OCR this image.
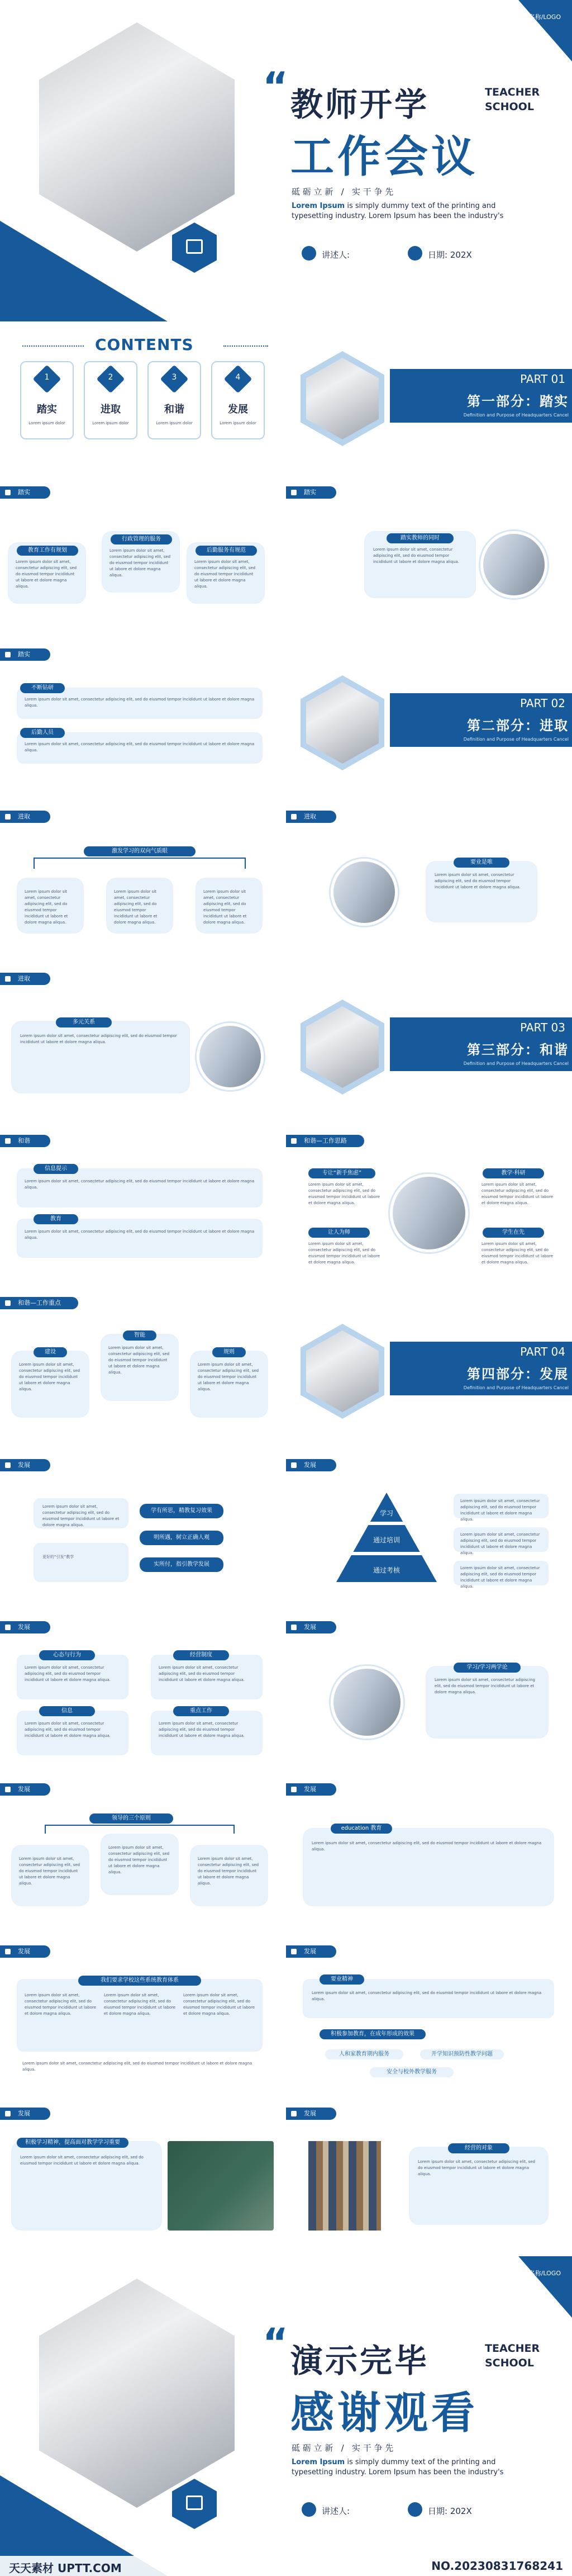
学校名称/LOGO
“ 教师开学	TEACHER SCHOOL
工作会议
砥 砺 立 新   /   实 干 争 先
Lorem Ipsum is simply dummy text of the printing and typesetting industry. Lorem Ipsum has been the industry's
讲述人:	日期: 202X
CONTENTS
1
踏实
Lorem ipsum dolor
2
进取
Lorem ipsum dolor
3
和谐
Lorem ipsum dolor
4
发展
Lorem ipsum dolor
PART 01
第一部分：踏实
Definition and Purpose of Headquarters Cancel
踏实
教育工作有规划
行政管理的服务
后勤服务有规范
Lorem ipsum dolor sit amet, consectetur adipiscing elit, sed do eiusmod tempor incididunt ut labore et dolore magna aliqua.
Lorem ipsum dolor sit amet, consectetur adipiscing elit, sed do eiusmod tempor incididunt ut labore et dolore magna aliqua.
Lorem ipsum dolor sit amet, consectetur adipiscing elit, sed do eiusmod tempor incididunt ut labore et dolore magna aliqua.
踏实
踏实教师的同时
Lorem ipsum dolor sit amet, consectetur adipiscing elit, sed do eiusmod tempor incididunt ut labore et dolore magna aliqua.
踏实
不断钻研
后勤人员
Lorem ipsum dolor sit amet, consectetur adipiscing elit, sed do eiusmod tempor incididunt ut labore et dolore magna aliqua.
Lorem ipsum dolor sit amet, consectetur adipiscing elit, sed do eiusmod tempor incididunt ut labore et dolore magna aliqua.
PART 02
第二部分：进取
Definition and Purpose of Headquarters Cancel
进取
激发学习的双向气质眼
Lorem ipsum dolor sit amet, consectetur adipiscing elit, sed do eiusmod tempor incididunt ut labore et dolore magna aliqua.
Lorem ipsum dolor sit amet, consectetur adipiscing elit, sed do eiusmod tempor incididunt ut labore et dolore magna aliqua.
Lorem ipsum dolor sit amet, consectetur adipiscing elit, sed do eiusmod tempor incididunt ut labore et dolore magna aliqua.
进取
要业是唯
Lorem ipsum dolor sit amet, consectetur adipiscing elit, sed do eiusmod tempor incididunt ut labore et dolore magna aliqua.
进取
多元关系
Lorem ipsum dolor sit amet, consectetur adipiscing elit, sed do eiusmod tempor incididunt ut labore et dolore magna aliqua.
PART 03
第三部分：和谐
Definition and Purpose of Headquarters Cancel
和谐
信息提示
教育
Lorem ipsum dolor sit amet, consectetur adipiscing elit, sed do eiusmod tempor incididunt ut labore et dolore magna aliqua.
Lorem ipsum dolor sit amet, consectetur adipiscing elit, sed do eiusmod tempor incididunt ut labore et dolore magna aliqua.
和谐—工作思路
专让“新手焦虑”	教学·科研
让人为师	学生在先
Lorem ipsum dolor sit amet, consectetur adipiscing elit, sed do eiusmod tempor incididunt ut labore et dolore magna aliqua.
Lorem ipsum dolor sit amet, consectetur adipiscing elit, sed do eiusmod tempor incididunt ut labore et dolore magna aliqua.
Lorem ipsum dolor sit amet, consectetur adipiscing elit, sed do eiusmod tempor incididunt ut labore et dolore magna aliqua.
Lorem ipsum dolor sit amet, consectetur adipiscing elit, sed do eiusmod tempor incididunt ut labore et dolore magna aliqua.
和谐—工作重点
建设
智能
规则
Lorem ipsum dolor sit amet, consectetur adipiscing elit, sed do eiusmod tempor incididunt ut labore et dolore magna aliqua.
Lorem ipsum dolor sit amet, consectetur adipiscing elit, sed do eiusmod tempor incididunt ut labore et dolore magna aliqua.
Lorem ipsum dolor sit amet, consectetur adipiscing elit, sed do eiusmod tempor incididunt ut labore et dolore magna aliqua.
PART 04
第四部分：发展
Definition and Purpose of Headquarters Cancel
发展
Lorem ipsum dolor sit amet, consectetur adipiscing elit, sed do eiusmod tempor incididunt ut labore et dolore magna aliqua.
更好的“引发”教学
学有所思，精教复习效果
明所遇，树立正确人观
实所付，指引教学发展
发展
学习
通过培训
通过考核
Lorem ipsum dolor sit amet, consectetur adipiscing elit, sed do eiusmod tempor incididunt ut labore et dolore magna aliqua.
Lorem ipsum dolor sit amet, consectetur adipiscing elit, sed do eiusmod tempor incididunt ut labore et dolore magna aliqua.
Lorem ipsum dolor sit amet, consectetur adipiscing elit, sed do eiusmod tempor incididunt ut labore et dolore magna aliqua.
发展
心态与行为	经营制度
信息	重点工作
Lorem ipsum dolor sit amet, consectetur adipiscing elit, sed do eiusmod tempor incididunt ut labore et dolore magna aliqua.
Lorem ipsum dolor sit amet, consectetur adipiscing elit, sed do eiusmod tempor incididunt ut labore et dolore magna aliqua.
Lorem ipsum dolor sit amet, consectetur adipiscing elit, sed do eiusmod tempor incididunt ut labore et dolore magna aliqua.
Lorem ipsum dolor sit amet, consectetur adipiscing elit, sed do eiusmod tempor incididunt ut labore et dolore magna aliqua.
发展
学习/学习两学论
Lorem ipsum dolor sit amet, consectetur adipiscing elit, sed do eiusmod tempor incididunt ut labore et dolore magna aliqua.
发展
领导的三个原则
Lorem ipsum dolor sit amet, consectetur adipiscing elit, sed do eiusmod tempor incididunt ut labore et dolore magna aliqua.
Lorem ipsum dolor sit amet, consectetur adipiscing elit, sed do eiusmod tempor incididunt ut labore et dolore magna aliqua.
Lorem ipsum dolor sit amet, consectetur adipiscing elit, sed do eiusmod tempor incididunt ut labore et dolore magna aliqua.
发展
education 教育
Lorem ipsum dolor sit amet, consectetur adipiscing elit, sed do eiusmod tempor incididunt ut labore et dolore magna aliqua.
发展
我们要求学校这些系统教育体系
Lorem ipsum dolor sit amet, consectetur adipiscing elit, sed do eiusmod tempor incididunt ut labore et dolore magna aliqua.
Lorem ipsum dolor sit amet, consectetur adipiscing elit, sed do eiusmod tempor incididunt ut labore et dolore magna aliqua.
Lorem ipsum dolor sit amet, consectetur adipiscing elit, sed do eiusmod tempor incididunt ut labore et dolore magna aliqua.
Lorem ipsum dolor sit amet, consectetur adipiscing elit, sed do eiusmod tempor incididunt ut labore et dolore magna aliqua.
发展
要业精神
Lorem ipsum dolor sit amet, consectetur adipiscing elit, sed do eiusmod tempor incididunt ut labore et dolore magna aliqua.
积极参加教育，在成年形成的效果
人和家教育期内服务	开学知识预防性教学问题
安全与校外教学服务
发展
积极学习精神，提高面对教学学习重要
Lorem ipsum dolor sit amet, consectetur adipiscing elit, sed do eiusmod tempor incididunt ut labore et dolore magna aliqua.
发展
经营的对象
Lorem ipsum dolor sit amet, consectetur adipiscing elit, sed do eiusmod tempor incididunt ut labore et dolore magna aliqua.
学校名称/LOGO
“ 演示完毕	TEACHER SCHOOL
感谢观看
砥 砺 立 新   /   实 干 争 先
Lorem Ipsum is simply dummy text of the printing and typesetting industry. Lorem Ipsum has been the industry's
讲述人:	日期: 202X
天天素材 UPTT.COM	NO.20230831768241
